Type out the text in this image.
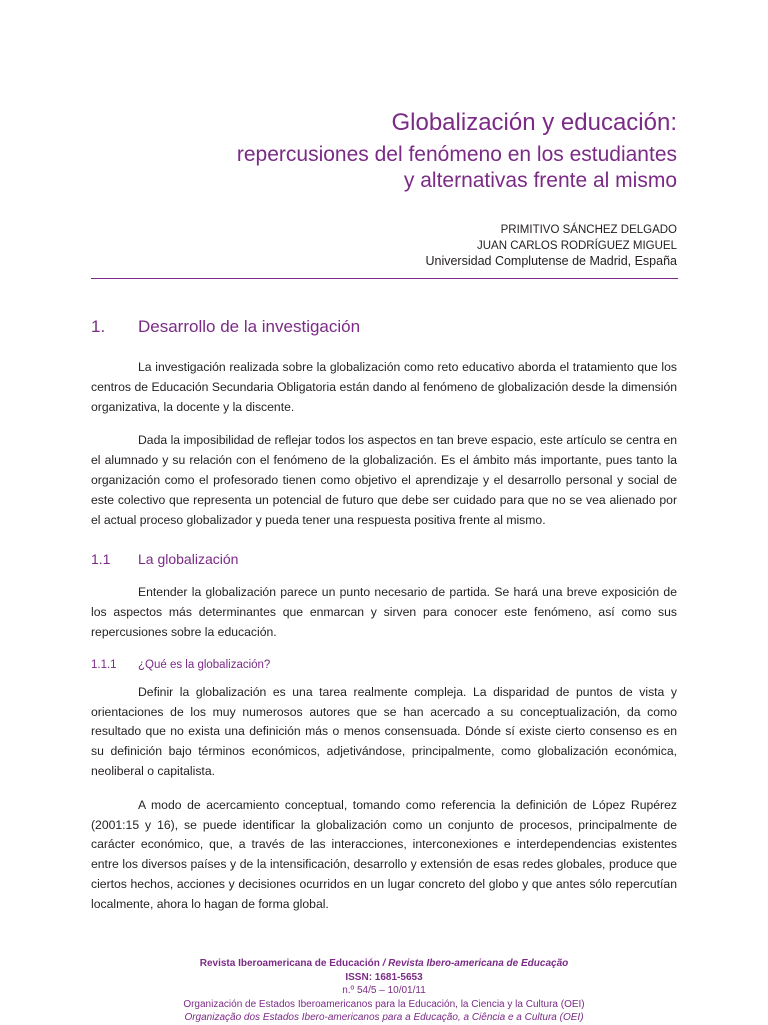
Globalización y educación:
repercusiones del fenómeno en los estudiantes
y alternativas frente al mismo
PRIMITIVO SÁNCHEZ DELGADO
JUAN CARLOS RODRÍGUEZ MIGUEL
Universidad Complutense de Madrid, España
1. Desarrollo de la investigación

La investigación realizada sobre la globalización como reto educativo aborda el tratamiento que los centros de Educación Secundaria Obligatoria están dando al fenómeno de globalización desde la dimensión organizativa, la docente y la discente.

Dada la imposibilidad de reflejar todos los aspectos en tan breve espacio, este artículo se centra en el alumnado y su relación con el fenómeno de la globalización. Es el ámbito más importante, pues tanto la organización como el profesorado tienen como objetivo el aprendizaje y el desarrollo personal y social de este colectivo que representa un potencial de futuro que debe ser cuidado para que no se vea alienado por el actual proceso globalizador y pueda tener una respuesta positiva frente al mismo.

1.1 La globalización

Entender la globalización parece un punto necesario de partida. Se hará una breve exposición de los aspectos más determinantes que enmarcan y sirven para conocer este fenómeno, así como sus repercusiones sobre la educación.

1.1.1 ¿Qué es la globalización?

Definir la globalización es una tarea realmente compleja. La disparidad de puntos de vista y orientaciones de los muy numerosos autores que se han acercado a su conceptualización, da como resultado que no exista una definición más o menos consensuada. Dónde sí existe cierto consenso es en su definición bajo términos económicos, adjetivándose, principalmente, como globalización económica, neoliberal o capitalista.

A modo de acercamiento conceptual, tomando como referencia la definición de López Rupérez (2001:15 y 16), se puede identificar la globalización como un conjunto de procesos, principalmente de carácter económico, que, a través de las interacciones, interconexiones e interdependencias existentes entre los diversos países y de la intensificación, desarrollo y extensión de esas redes globales, produce que ciertos hechos, acciones y decisiones ocurridos en un lugar concreto del globo y que antes sólo repercutían localmente, ahora lo hagan de forma global.

Revista Iberoamericana de Educación / Revista Ibero-americana de Educação
ISSN: 1681-5653
n.º 54/5 – 10/01/11
Organización de Estados Iberoamericanos para la Educación, la Ciencia y la Cultura (OEI)
Organização dos Estados Ibero-americanos para a Educação, a Ciência e a Cultura (OEI)
